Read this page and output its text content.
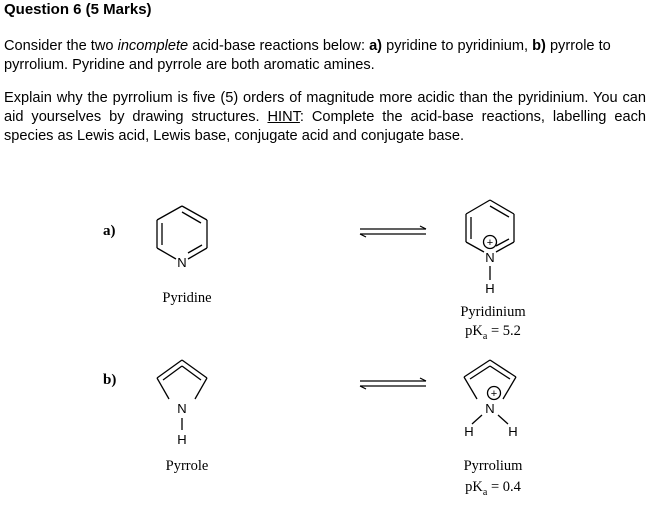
Question 6 (5 Marks)
Consider the two incomplete acid-base reactions below: a) pyridine to pyridinium, b) pyrrole to pyrrolium. Pyridine and pyrrole are both aromatic amines.
Explain why the pyrrolium is five (5) orders of magnitude more acidic than the pyridinium. You can aid yourselves by drawing structures. HINT: Complete the acid-base reactions, labelling each species as Lewis acid, Lewis base, conjugate acid and conjugate base.
a)
N
Pyridine
+
N
H
Pyridinium
$pK_a = 5.2$
b)
N
H
Pyrrole
+
N
H	H
Pyrrolium
$pK_a = 0.4$
